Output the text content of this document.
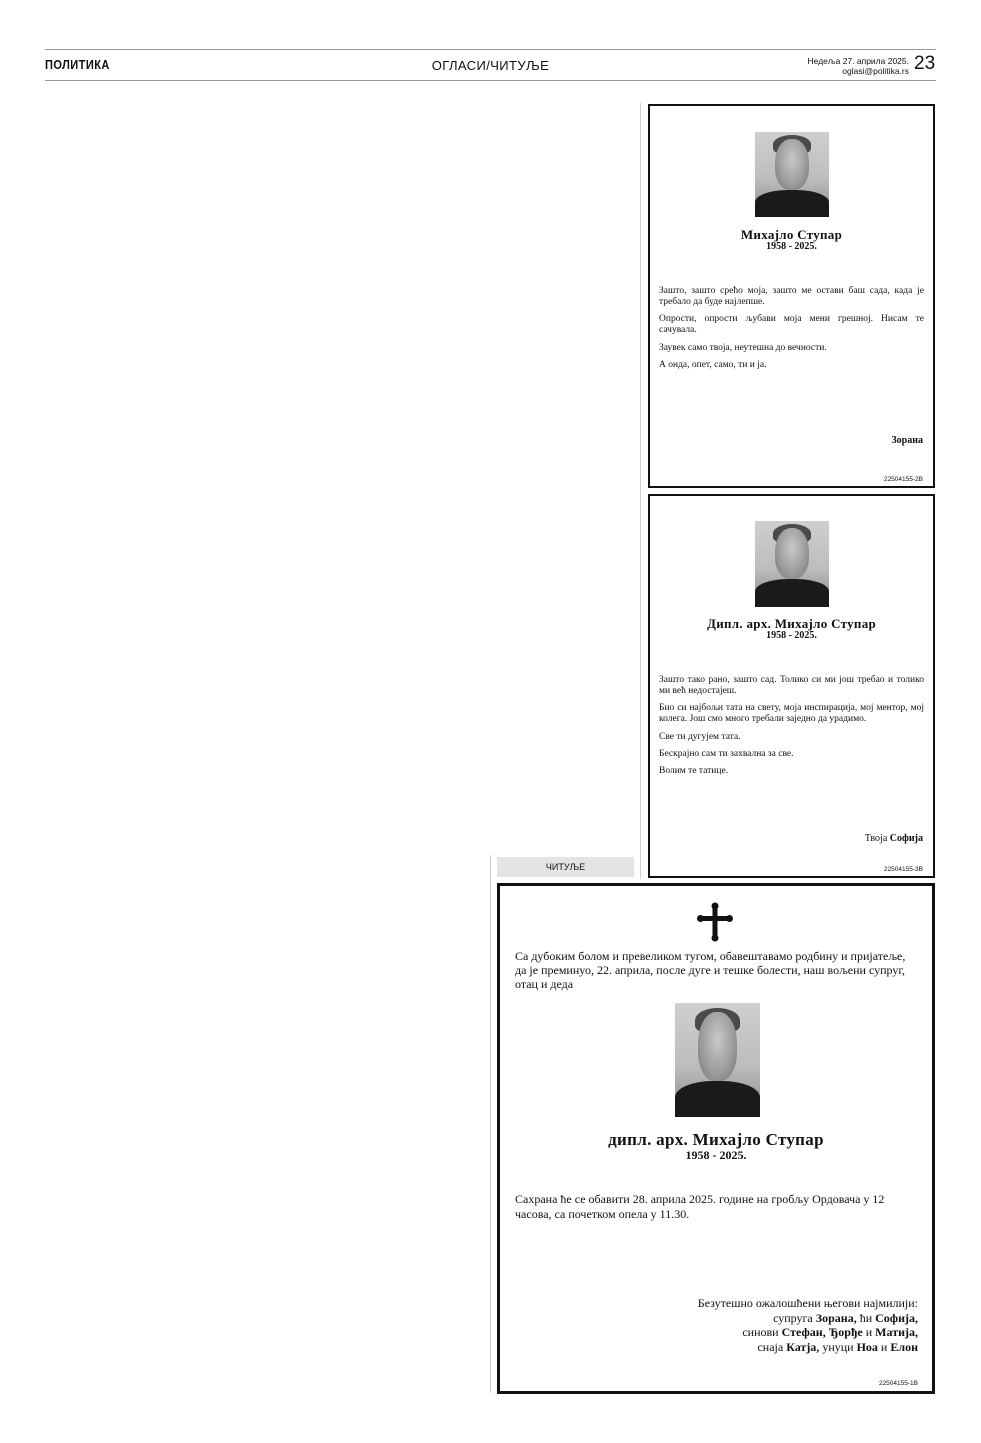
ПОЛИТИКА	ОГЛАСИ/ЧИТУЉЕ	Недеља 27. априла 2025.
oglasi@politika.rs 23
Михајло Ступар
1958 - 2025.
Зашто, зашто срећо моја, зашто ме остави баш сада, када је требало да буде најлепше.
Опрости, опрости љубави моја мени грешној. Нисам те сачувала.
Заувек само твоја, неутешна до вечности.
А онда, опет, само, ти и ја.
Зорана
22504155-2В
Дипл. арх. Михајло Ступар
1958 - 2025.
Зашто тако рано, зашто сад. Толико си ми још требао и толико ми већ недостајеш.
Био си најбољи тата на свету, моја инспирација, мој ментор, мој колега. Још смо много требали заједно да урадимо.
Све ти дугујем тата.
Бескрајно сам ти захвална за све.
Волим те татице.
Твоја Софија
22504155-3В
ЧИТУЉЕ
Са дубоким болом и превеликом тугом, обавештавамо родбину и пријатеље, да је преминуо, 22. априла, после дуге и тешке болести, наш вољени супруг, отац и деда
дипл. арх. Михајло Ступар
1958 - 2025.
Сахрана ће се обавити 28. априла 2025. године на гробљу Ордовача у 12 часова, са почетком опела у 11.30.
Безутешно ожалошћени његови најмилији:
супруга Зорана, ћи Софија,
синови Стефан, Ђорђе и Матија,
снаја Катја, унуци Ноа и Елон
22504155-1В
